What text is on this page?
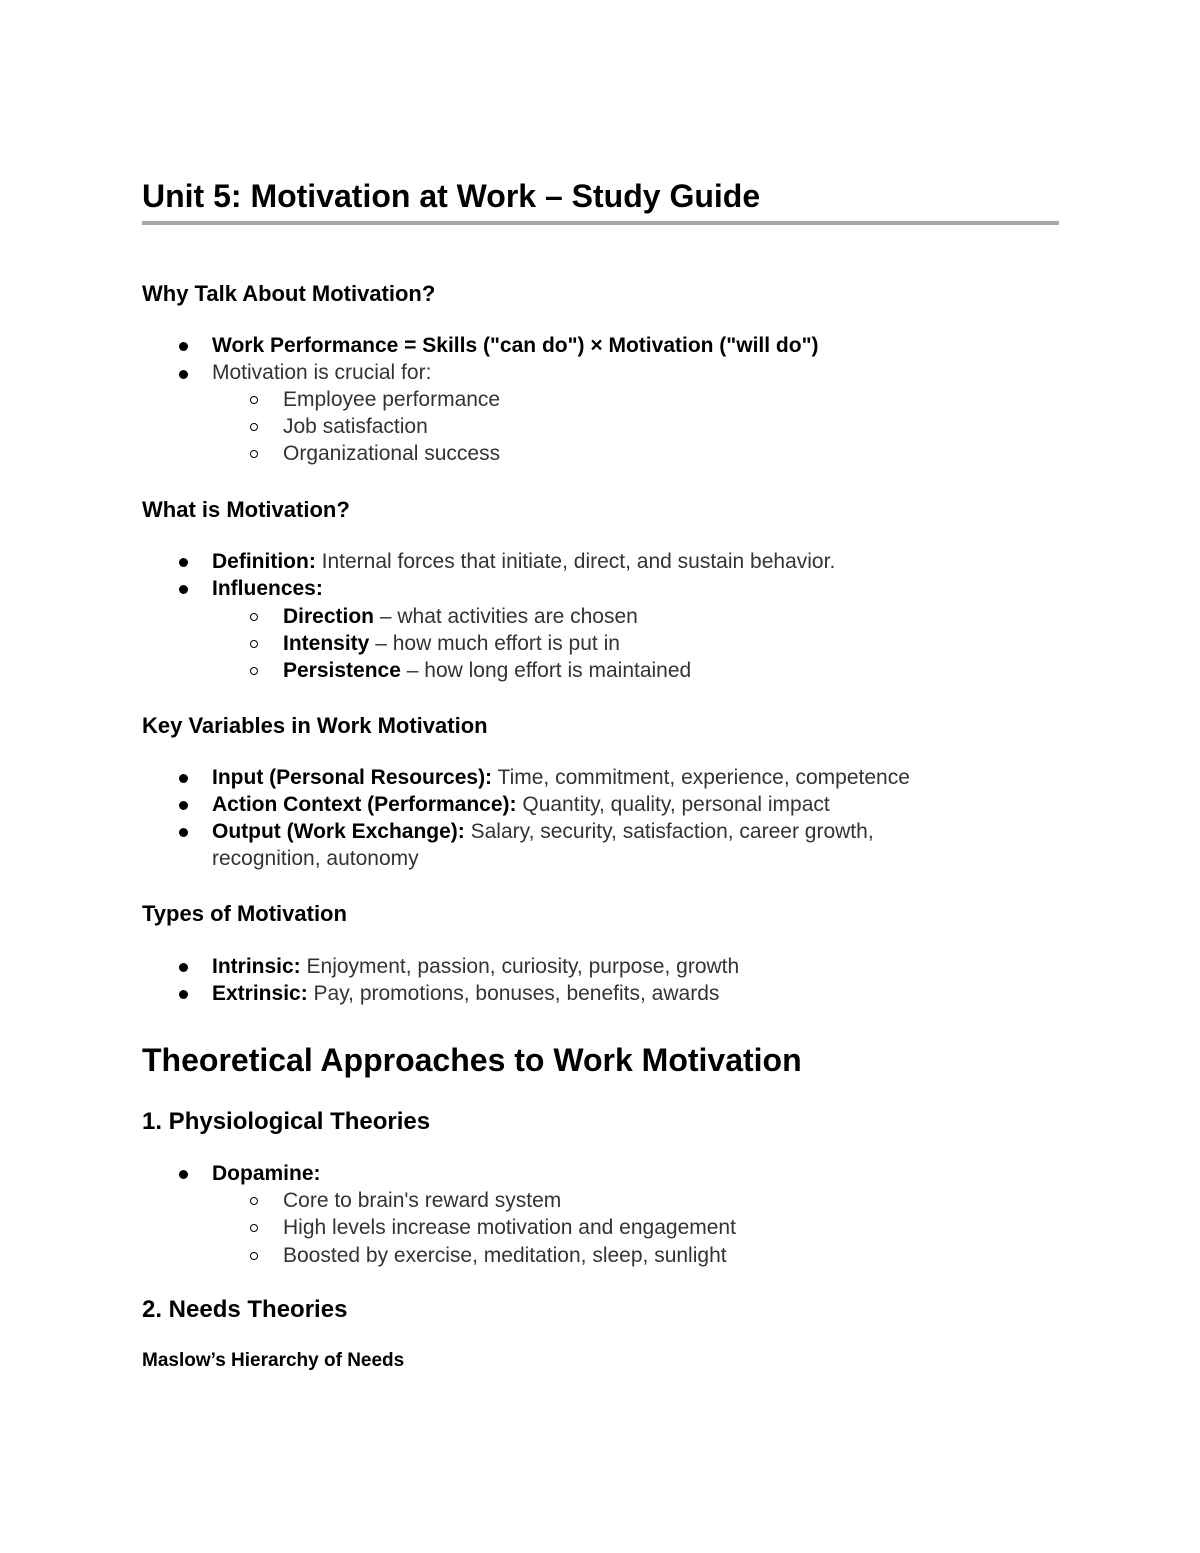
Unit 5: Motivation at Work – Study Guide
Why Talk About Motivation?
Work Performance = Skills ("can do") × Motivation ("will do")
Motivation is crucial for:
Employee performance
Job satisfaction
Organizational success
What is Motivation?
Definition: Internal forces that initiate, direct, and sustain behavior.
Influences:
Direction – what activities are chosen
Intensity – how much effort is put in
Persistence – how long effort is maintained
Key Variables in Work Motivation
Input (Personal Resources): Time, commitment, experience, competence
Action Context (Performance): Quantity, quality, personal impact
Output (Work Exchange): Salary, security, satisfaction, career growth,
recognition, autonomy
Types of Motivation
Intrinsic: Enjoyment, passion, curiosity, purpose, growth
Extrinsic: Pay, promotions, bonuses, benefits, awards
Theoretical Approaches to Work Motivation
1. Physiological Theories
Dopamine:
Core to brain's reward system
High levels increase motivation and engagement
Boosted by exercise, meditation, sleep, sunlight
2. Needs Theories
Maslow’s Hierarchy of Needs
